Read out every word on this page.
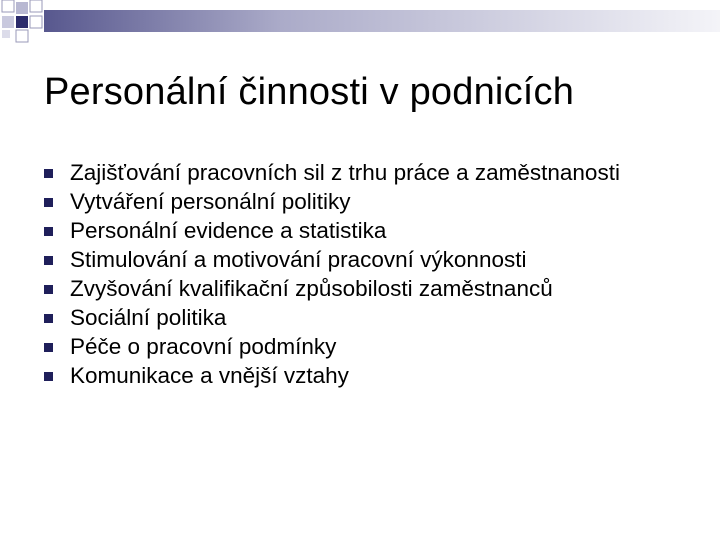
Personální činnosti v podnicích
Zajišťování pracovních sil z trhu práce a zaměstnanosti
Vytváření personální politiky
Personální evidence a statistika
Stimulování a motivování pracovní výkonnosti
Zvyšování kvalifikační způsobilosti zaměstnanců
Sociální politika
Péče o pracovní podmínky
Komunikace a vnější vztahy
